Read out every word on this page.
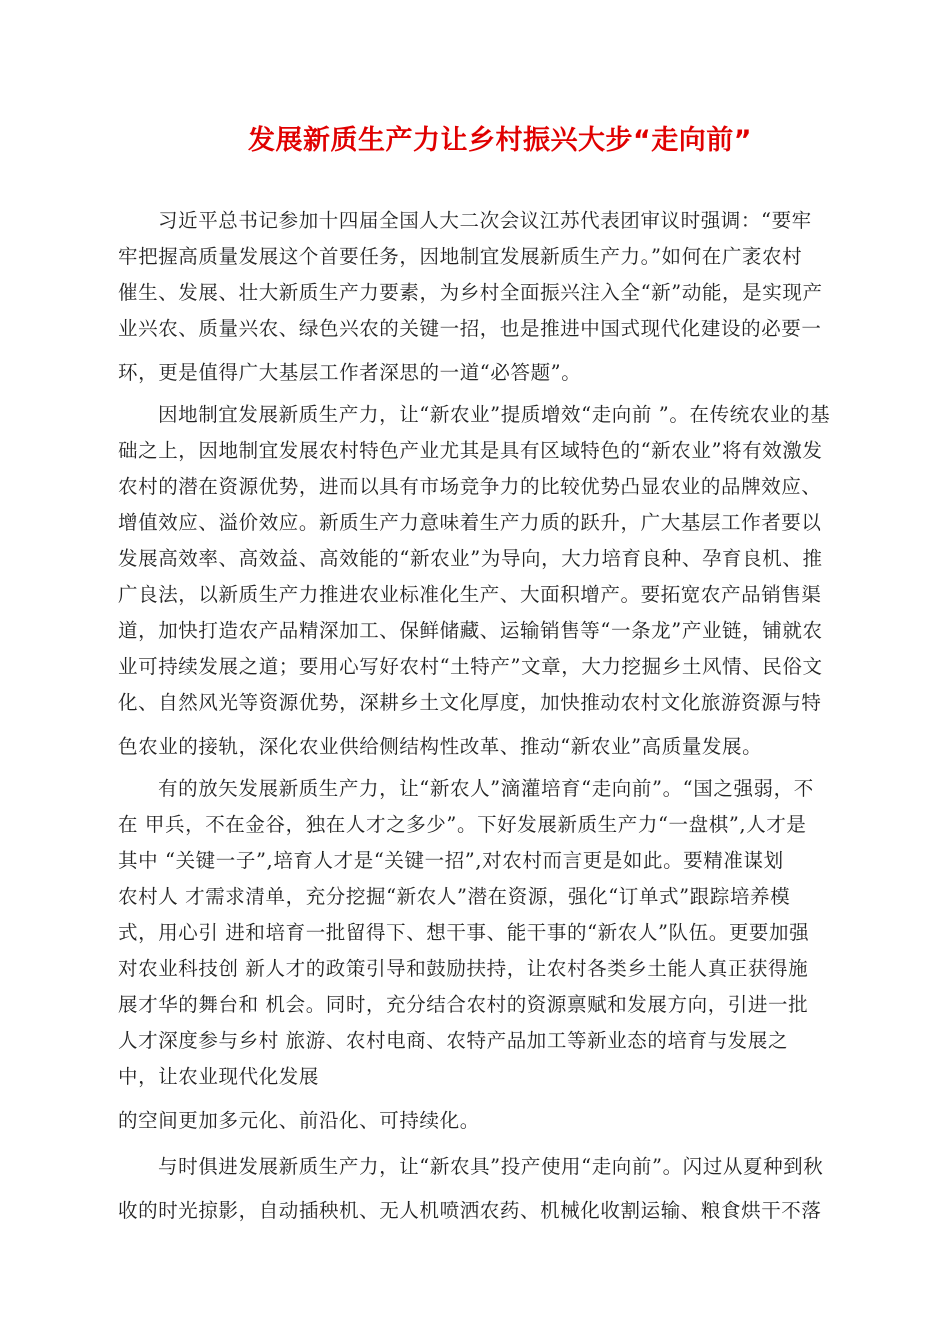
发展新质生产力让乡村振兴大步“走向前”
习近平总书记参加十四届全国人大二次会议江苏代表团审议时强调：“要牢
牢把握高质量发展这个首要任务，因地制宜发展新质生产力。”如何在广袤农村
催生、发展、壮大新质生产力要素，为乡村全面振兴注入全“新”动能，是实现产
业兴农、质量兴农、绿色兴农的关键一招，也是推进中国式现代化建设的必要一
环，更是值得广大基层工作者深思的一道“必答题”。
因地制宜发展新质生产力，让“新农业”提质增效“走向前 ”。在传统农业的基
础之上，因地制宜发展农村特色产业尤其是具有区域特色的“新农业”将有效激发
农村的潜在资源优势，进而以具有市场竞争力的比较优势凸显农业的品牌效应、
增值效应、溢价效应。新质生产力意味着生产力质的跃升，广大基层工作者要以
发展高效率、高效益、高效能的“新农业”为导向，大力培育良种、孕育良机、推
广良法，以新质生产力推进农业标准化生产、大面积增产。要拓宽农产品销售渠
道，加快打造农产品精深加工、保鲜储藏、运输销售等“一条龙”产业链，铺就农
业可持续发展之道；要用心写好农村“土特产”文章，大力挖掘乡土风情、民俗文
化、自然风光等资源优势，深耕乡土文化厚度，加快推动农村文化旅游资源与特
色农业的接轨，深化农业供给侧结构性改革、推动“新农业”高质量发展。
有的放矢发展新质生产力，让“新农人”滴灌培育“走向前”。“国之强弱，不
在 甲兵，不在金谷，独在人才之多少”。下好发展新质生产力“一盘棋”,人才是
其中 “关键一子”,培育人才是“关键一招”,对农村而言更是如此。要精准谋划
农村人 才需求清单，充分挖掘“新农人”潜在资源，强化“订单式”跟踪培养模
式，用心引 进和培育一批留得下、想干事、能干事的“新农人”队伍。更要加强
对农业科技创 新人才的政策引导和鼓励扶持，让农村各类乡土能人真正获得施
展才华的舞台和 机会。同时，充分结合农村的资源禀赋和发展方向，引进一批
人才深度参与乡村 旅游、农村电商、农特产品加工等新业态的培育与发展之
中，让农业现代化发展
的空间更加多元化、前沿化、可持续化。
与时俱进发展新质生产力，让“新农具”投产使用“走向前”。闪过从夏种到秋
收的时光掠影，自动插秧机、无人机喷洒农药、机械化收割运输、粮食烘干不落
